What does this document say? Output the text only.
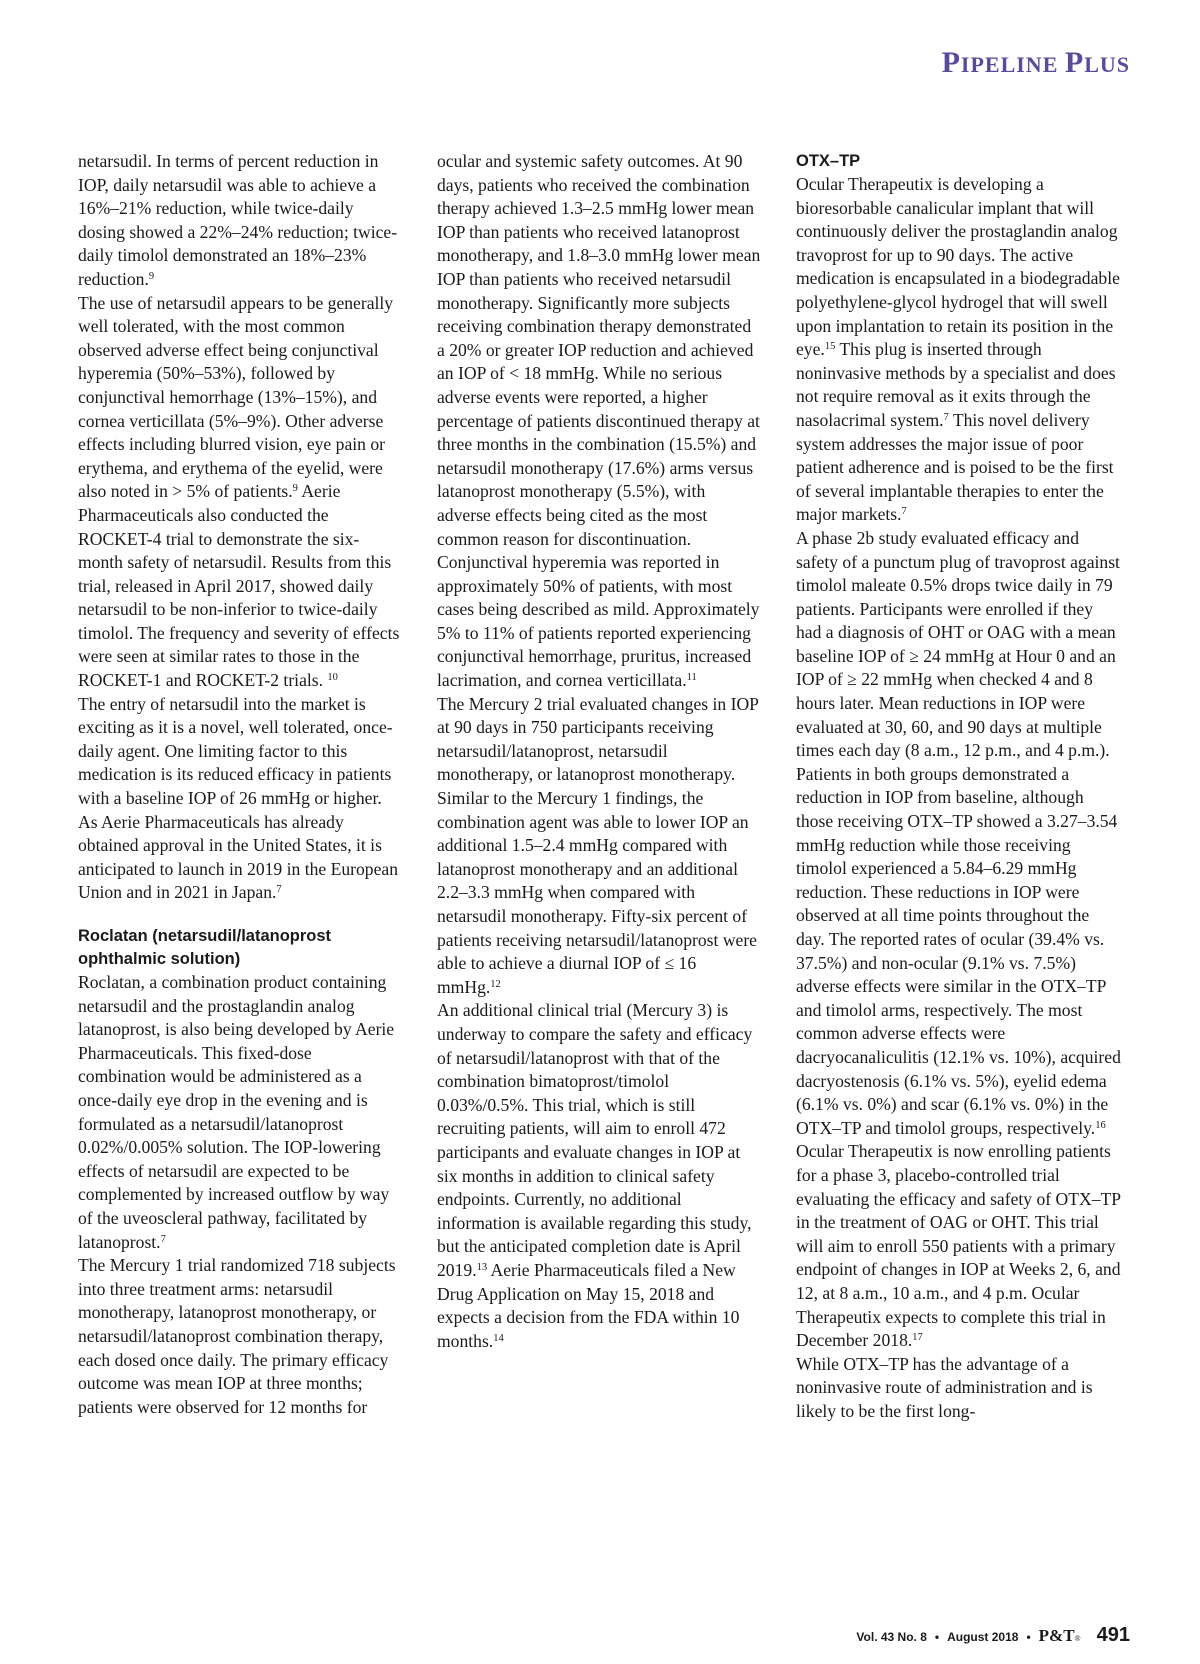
PIPELINE PLUS

netarsudil. In terms of percent reduction in IOP, daily netarsudil was able to achieve a 16%–21% reduction, while twice-daily dosing showed a 22%–24% reduction; twice-daily timolol demonstrated an 18%–23% reduction.$^9$

The use of netarsudil appears to be generally well tolerated, with the most common observed adverse effect being conjunctival hyperemia (50%–53%), followed by conjunctival hemorrhage (13%–15%), and cornea verticillata (5%–9%). Other adverse effects including blurred vision, eye pain or erythema, and erythema of the eyelid, were also noted in > 5% of patients.$^9$ Aerie Pharmaceuticals also conducted the ROCKET-4 trial to demonstrate the six-month safety of netarsudil. Results from this trial, released in April 2017, showed daily netarsudil to be non-inferior to twice-daily timolol. The frequency and severity of effects were seen at similar rates to those in the ROCKET-1 and ROCKET-2 trials. $^{10}$

The entry of netarsudil into the market is exciting as it is a novel, well tolerated, once-daily agent. One limiting factor to this medication is its reduced efficacy in patients with a baseline IOP of 26 mmHg or higher. As Aerie Pharmaceuticals has already obtained approval in the United States, it is anticipated to launch in 2019 in the European Union and in 2021 in Japan.$^7$

Roclatan (netarsudil/latanoprost ophthalmic solution)

Roclatan, a combination product containing netarsudil and the prostaglandin analog latanoprost, is also being developed by Aerie Pharmaceuticals. This fixed-dose combination would be administered as a once-daily eye drop in the evening and is formulated as a netarsudil/latanoprost 0.02%/0.005% solution. The IOP-lowering effects of netarsudil are expected to be complemented by increased outflow by way of the uveoscleral pathway, facilitated by latanoprost.$^7$

The Mercury 1 trial randomized 718 subjects into three treatment arms: netarsudil monotherapy, latanoprost monotherapy, or netarsudil/latanoprost combination therapy, each dosed once daily. The primary efficacy outcome was mean IOP at three months; patients were observed for 12 months for

ocular and systemic safety outcomes. At 90 days, patients who received the combination therapy achieved 1.3–2.5 mmHg lower mean IOP than patients who received latanoprost monotherapy, and 1.8–3.0 mmHg lower mean IOP than patients who received netarsudil monotherapy. Significantly more subjects receiving combination therapy demonstrated a 20% or greater IOP reduction and achieved an IOP of < 18 mmHg. While no serious adverse events were reported, a higher percentage of patients discontinued therapy at three months in the combination (15.5%) and netarsudil monotherapy (17.6%) arms versus latanoprost monotherapy (5.5%), with adverse effects being cited as the most common reason for discontinuation. Conjunctival hyperemia was reported in approximately 50% of patients, with most cases being described as mild. Approximately 5% to 11% of patients reported experiencing conjunctival hemorrhage, pruritus, increased lacrimation, and cornea verticillata.$^{11}$

The Mercury 2 trial evaluated changes in IOP at 90 days in 750 participants receiving netarsudil/latanoprost, netarsudil monotherapy, or latanoprost monotherapy. Similar to the Mercury 1 findings, the combination agent was able to lower IOP an additional 1.5–2.4 mmHg compared with latanoprost monotherapy and an additional 2.2–3.3 mmHg when compared with netarsudil monotherapy. Fifty-six percent of patients receiving netarsudil/latanoprost were able to achieve a diurnal IOP of ≤ 16 mmHg.$^{12}$

An additional clinical trial (Mercury 3) is underway to compare the safety and efficacy of netarsudil/latanoprost with that of the combination bimatoprost/timolol 0.03%/0.5%. This trial, which is still recruiting patients, will aim to enroll 472 participants and evaluate changes in IOP at six months in addition to clinical safety endpoints. Currently, no additional information is available regarding this study, but the anticipated completion date is April 2019.13 Aerie Pharmaceuticals filed a New Drug Application on May 15, 2018 and expects a decision from the FDA within 10 months.$^{14}$

OTX–TP

Ocular Therapeutix is developing a bioresorbable canalicular implant that will continuously deliver the prostaglandin analog travoprost for up to 90 days. The active medication is encapsulated in a biodegradable polyethylene-glycol hydrogel that will swell upon implantation to retain its position in the eye.$^{15}$ This plug is inserted through noninvasive methods by a specialist and does not require removal as it exits through the nasolacrimal system.$^7$ This novel delivery system addresses the major issue of poor patient adherence and is poised to be the first of several implantable therapies to enter the major markets.$^7$

A phase 2b study evaluated efficacy and safety of a punctum plug of travoprost against timolol maleate 0.5% drops twice daily in 79 patients. Participants were enrolled if they had a diagnosis of OHT or OAG with a mean baseline IOP of ≥ 24 mmHg at Hour 0 and an IOP of ≥ 22 mmHg when checked 4 and 8 hours later. Mean reductions in IOP were evaluated at 30, 60, and 90 days at multiple times each day (8 a.m., 12 p.m., and 4 p.m.). Patients in both groups demonstrated a reduction in IOP from baseline, although those receiving OTX–TP showed a 3.27–3.54 mmHg reduction while those receiving timolol experienced a 5.84–6.29 mmHg reduction. These reductions in IOP were observed at all time points throughout the day. The reported rates of ocular (39.4% vs. 37.5%) and non-ocular (9.1% vs. 7.5%) adverse effects were similar in the OTX–TP and timolol arms, respectively. The most common adverse effects were dacryocanaliculitis (12.1% vs. 10%), acquired dacryostenosis (6.1% vs. 5%), eyelid edema (6.1% vs. 0%) and scar (6.1% vs. 0%) in the OTX–TP and timolol groups, respectively.$^{16}$

Ocular Therapeutix is now enrolling patients for a phase 3, placebo-controlled trial evaluating the efficacy and safety of OTX–TP in the treatment of OAG or OHT. This trial will aim to enroll 550 patients with a primary endpoint of changes in IOP at Weeks 2, 6, and 12, at 8 a.m., 10 a.m., and 4 p.m. Ocular Therapeutix expects to complete this trial in December 2018.17

While OTX–TP has the advantage of a noninvasive route of administration and is likely to be the first long-

Vol. 43 No. 8 • August 2018 • P&T® 491
